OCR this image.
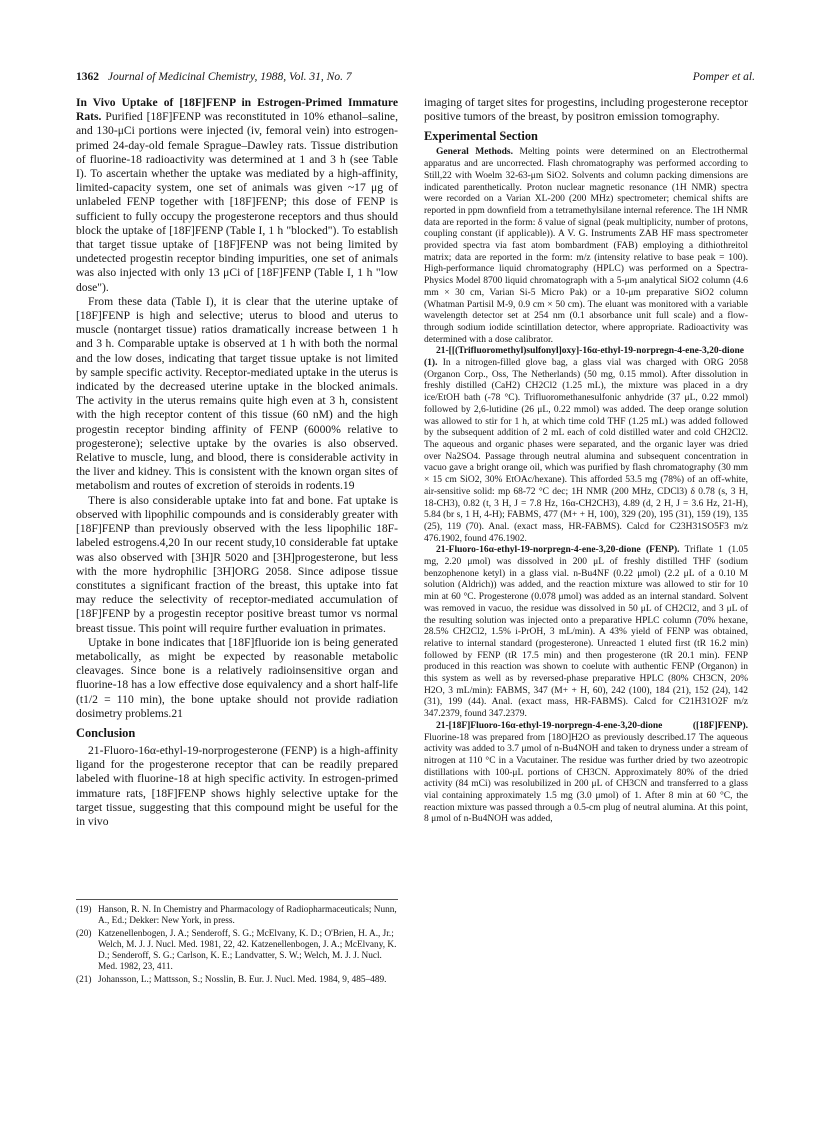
1362 Journal of Medicinal Chemistry, 1988, Vol. 31, No. 7	Pomper et al.

In Vivo Uptake of [18F]FENP in Estrogen-Primed Immature Rats. Purified [18F]FENP was reconstituted in 10% ethanol–saline, and 130-μCi portions were injected (iv, femoral vein) into estrogen-primed 24-day-old female Sprague–Dawley rats. Tissue distribution of fluorine-18 radioactivity was determined at 1 and 3 h (see Table I). To ascertain whether the uptake was mediated by a high-affinity, limited-capacity system, one set of animals was given ~17 μg of unlabeled FENP together with [18F]FENP; this dose of FENP is sufficient to fully occupy the progesterone receptors and thus should block the uptake of [18F]FENP (Table I, 1 h "blocked"). To establish that target tissue uptake of [18F]FENP was not being limited by undetected progestin receptor binding impurities, one set of animals was also injected with only 13 μCi of [18F]FENP (Table I, 1 h "low dose").

From these data (Table I), it is clear that the uterine uptake of [18F]FENP is high and selective; uterus to blood and uterus to muscle (nontarget tissue) ratios dramatically increase between 1 h and 3 h. Comparable uptake is observed at 1 h with both the normal and the low doses, indicating that target tissue uptake is not limited by sample specific activity. Receptor-mediated uptake in the uterus is indicated by the decreased uterine uptake in the blocked animals. The activity in the uterus remains quite high even at 3 h, consistent with the high receptor content of this tissue (60 nM) and the high progestin receptor binding affinity of FENP (6000% relative to progesterone); selective uptake by the ovaries is also observed. Relative to muscle, lung, and blood, there is considerable activity in the liver and kidney. This is consistent with the known organ sites of metabolism and routes of excretion of steroids in rodents.19

There is also considerable uptake into fat and bone. Fat uptake is observed with lipophilic compounds and is considerably greater with [18F]FENP than previously observed with the less lipophilic 18F-labeled estrogens.4,20 In our recent study,10 considerable fat uptake was also observed with [3H]R 5020 and [3H]progesterone, but less with the more hydrophilic [3H]ORG 2058. Since adipose tissue constitutes a significant fraction of the breast, this uptake into fat may reduce the selectivity of receptor-mediated accumulation of [18F]FENP by a progestin receptor positive breast tumor vs normal breast tissue. This point will require further evaluation in primates.

Uptake in bone indicates that [18F]fluoride ion is being generated metabolically, as might be expected by reasonable metabolic cleavages. Since bone is a relatively radioinsensitive organ and fluorine-18 has a low effective dose equivalency and a short half-life (t1/2 = 110 min), the bone uptake should not provide radiation dosimetry problems.21

Conclusion

21-Fluoro-16α-ethyl-19-norprogesterone (FENP) is a high-affinity ligand for the progesterone receptor that can be readily prepared labeled with fluorine-18 at high specific activity. In estrogen-primed immature rats, [18F]FENP shows highly selective uptake for the target tissue, suggesting that this compound might be useful for the in vivo

(19) Hanson, R. N. In Chemistry and Pharmacology of Radiopharmaceuticals; Nunn, A., Ed.; Dekker: New York, in press.
(20) Katzenellenbogen, J. A.; Senderoff, S. G.; McElvany, K. D.; O'Brien, H. A., Jr.; Welch, M. J. J. Nucl. Med. 1981, 22, 42. Katzenellenbogen, J. A.; McElvany, K. D.; Senderoff, S. G.; Carlson, K. E.; Landvatter, S. W.; Welch, M. J. J. Nucl. Med. 1982, 23, 411.
(21) Johansson, L.; Mattsson, S.; Nosslin, B. Eur. J. Nucl. Med. 1984, 9, 485–489.

imaging of target sites for progestins, including progesterone receptor positive tumors of the breast, by positron emission tomography.

Experimental Section

General Methods. Melting points were determined on an Electrothermal apparatus and are uncorrected. Flash chromatography was performed according to Still,22 with Woelm 32-63-μm SiO2. Solvents and column packing dimensions are indicated parenthetically. Proton nuclear magnetic resonance (1H NMR) spectra were recorded on a Varian XL-200 (200 MHz) spectrometer; chemical shifts are reported in ppm downfield from a tetramethylsilane internal reference. The 1H NMR data are reported in the form: δ value of signal (peak multiplicity, number of protons, coupling constant (if applicable)). A V. G. Instruments ZAB HF mass spectrometer provided spectra via fast atom bombardment (FAB) employing a dithiothreitol matrix; data are reported in the form: m/z (intensity relative to base peak = 100). High-performance liquid chromatography (HPLC) was performed on a Spectra-Physics Model 8700 liquid chromatograph with a 5-μm analytical SiO2 column (4.6 mm × 30 cm, Varian Si-5 Micro Pak) or a 10-μm preparative SiO2 column (Whatman Partisil M-9, 0.9 cm × 50 cm). The eluant was monitored with a variable wavelength detector set at 254 nm (0.1 absorbance unit full scale) and a flow-through sodium iodide scintillation detector, where appropriate. Radioactivity was determined with a dose calibrator.

21-[[(Trifluoromethyl)sulfonyl]oxy]-16α-ethyl-19-norpregn-4-ene-3,20-dione (1). In a nitrogen-filled glove bag, a glass vial was charged with ORG 2058 (Organon Corp., Oss, The Netherlands) (50 mg, 0.15 mmol). After dissolution in freshly distilled (CaH2) CH2Cl2 (1.25 mL), the mixture was placed in a dry ice/EtOH bath (-78 °C). Trifluoromethanesulfonic anhydride (37 μL, 0.22 mmol) followed by 2,6-lutidine (26 μL, 0.22 mmol) was added. The deep orange solution was allowed to stir for 1 h, at which time cold THF (1.25 mL) was added followed by the subsequent addition of 2 mL each of cold distilled water and cold CH2Cl2. The aqueous and organic phases were separated, and the organic layer was dried over Na2SO4. Passage through neutral alumina and subsequent concentration in vacuo gave a bright orange oil, which was purified by flash chromatography (30 mm × 15 cm SiO2, 30% EtOAc/hexane). This afforded 53.5 mg (78%) of an off-white, air-sensitive solid: mp 68-72 °C dec; 1H NMR (200 MHz, CDCl3) δ 0.78 (s, 3 H, 18-CH3), 0.82 (t, 3 H, J = 7.8 Hz, 16α-CH2CH3), 4.89 (d, 2 H, J = 3.6 Hz, 21-H), 5.84 (br s, 1 H, 4-H); FABMS, 477 (M+ + H, 100), 329 (20), 195 (31), 159 (19), 135 (25), 119 (70). Anal. (exact mass, HR-FABMS). Calcd for C23H31SO5F3 m/z 476.1902, found 476.1902.

21-Fluoro-16α-ethyl-19-norpregn-4-ene-3,20-dione (FENP). Triflate 1 (1.05 mg, 2.20 μmol) was dissolved in 200 μL of freshly distilled THF (sodium benzophenone ketyl) in a glass vial. n-Bu4NF (0.22 μmol) (2.2 μL of a 0.10 M solution (Aldrich)) was added, and the reaction mixture was allowed to stir for 10 min at 60 °C. Progesterone (0.078 μmol) was added as an internal standard. Solvent was removed in vacuo, the residue was dissolved in 50 μL of CH2Cl2, and 3 μL of the resulting solution was injected onto a preparative HPLC column (70% hexane, 28.5% CH2Cl2, 1.5% i-PrOH, 3 mL/min). A 43% yield of FENP was obtained, relative to internal standard (progesterone). Unreacted 1 eluted first (tR 16.2 min) followed by FENP (tR 17.5 min) and then progesterone (tR 20.1 min). FENP produced in this reaction was shown to coelute with authentic FENP (Organon) in this system as well as by reversed-phase preparative HPLC (80% CH3CN, 20% H2O, 3 mL/min): FABMS, 347 (M+ + H, 60), 242 (100), 184 (21), 152 (24), 142 (31), 199 (44). Anal. (exact mass, HR-FABMS). Calcd for C21H31O2F m/z 347.2379, found 347.2379.

21-[18F]Fluoro-16α-ethyl-19-norpregn-4-ene-3,20-dione ([18F]FENP). Fluorine-18 was prepared from [18O]H2O as previously described.17 The aqueous activity was added to 3.7 μmol of n-Bu4NOH and taken to dryness under a stream of nitrogen at 110 °C in a Vacutainer. The residue was further dried by two azeotropic distillations with 100-μL portions of CH3CN. Approximately 80% of the dried activity (84 mCi) was resolubilized in 200 μL of CH3CN and transferred to a glass vial containing approximately 1.5 mg (3.0 μmol) of 1. After 8 min at 60 °C, the reaction mixture was passed through a 0.5-cm plug of neutral alumina. At this point, 8 μmol of n-Bu4NOH was added,
